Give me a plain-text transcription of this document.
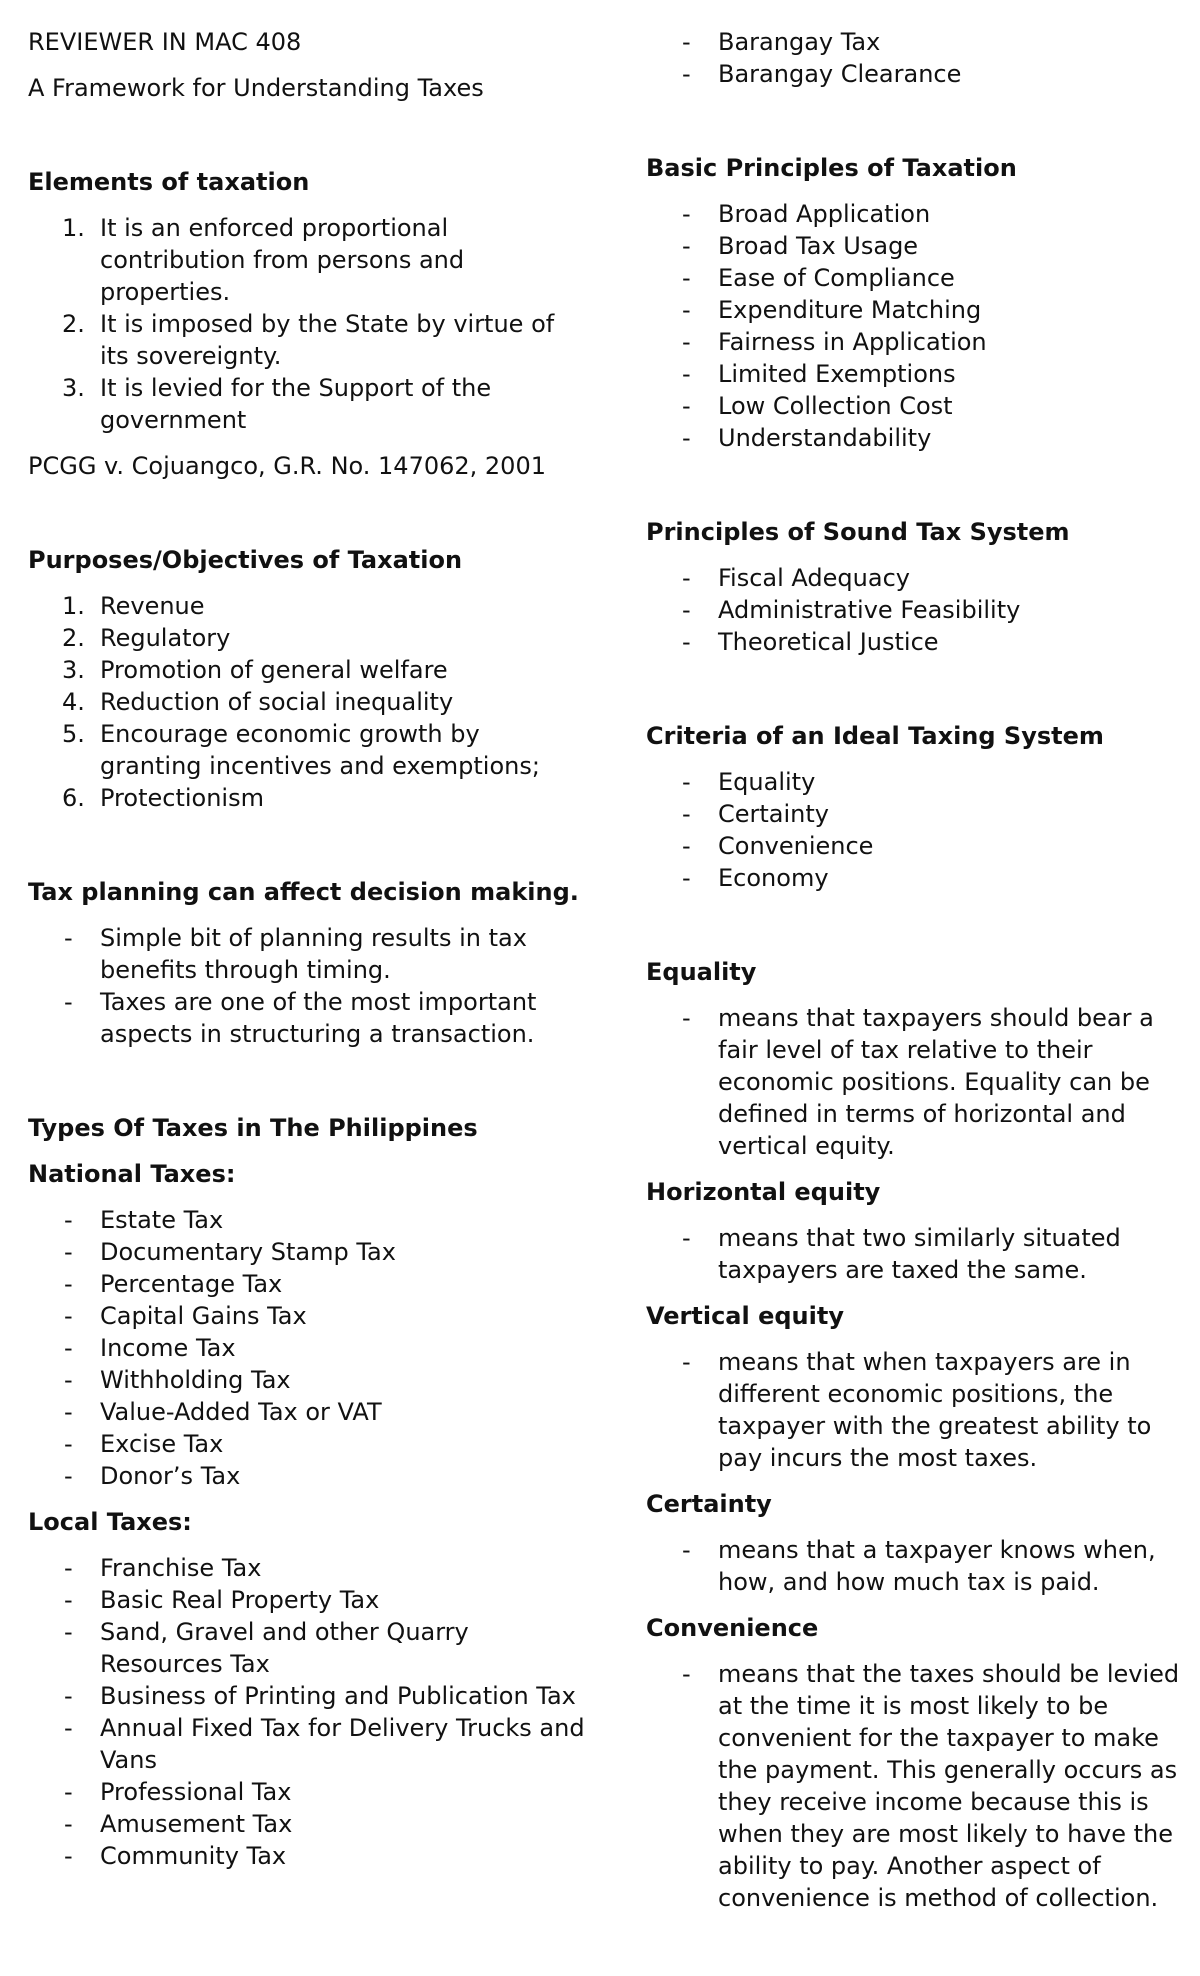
REVIEWER IN MAC 408

A Framework for Understanding Taxes

Elements of taxation
1. It is an enforced proportional contribution from persons and properties.
2. It is imposed by the State by virtue of its sovereignty.
3. It is levied for the Support of the government

PCGG v. Cojuangco, G.R. No. 147062, 2001

Purposes/Objectives of Taxation
1. Revenue
2. Regulatory
3. Promotion of general welfare
4. Reduction of social inequality
5. Encourage economic growth by granting incentives and exemptions;
6. Protectionism
Tax planning can affect decision making.
- Simple bit of planning results in tax benefits through timing.
- Taxes are one of the most important aspects in structuring a transaction.
Types Of Taxes in The Philippines
National Taxes:
- Estate Tax
- Documentary Stamp Tax
- Percentage Tax
- Capital Gains Tax
- Income Tax
- Withholding Tax
- Value-Added Tax or VAT
- Excise Tax
- Donor’s Tax
Local Taxes:
- Franchise Tax
- Basic Real Property Tax
- Sand, Gravel and other Quarry Resources Tax
- Business of Printing and Publication Tax
- Annual Fixed Tax for Delivery Trucks and Vans
- Professional Tax
- Amusement Tax
- Community Tax
- Barangay Tax
- Barangay Clearance
Basic Principles of Taxation
- Broad Application
- Broad Tax Usage
- Ease of Compliance
- Expenditure Matching
- Fairness in Application
- Limited Exemptions
- Low Collection Cost
- Understandability
Principles of Sound Tax System
- Fiscal Adequacy
- Administrative Feasibility
- Theoretical Justice
Criteria of an Ideal Taxing System
- Equality
- Certainty
- Convenience
- Economy
Equality
- means that taxpayers should bear a fair level of tax relative to their economic positions. Equality can be defined in terms of horizontal and vertical equity.
Horizontal equity
- means that two similarly situated taxpayers are taxed the same.
Vertical equity
- means that when taxpayers are in different economic positions, the taxpayer with the greatest ability to pay incurs the most taxes.
Certainty
- means that a taxpayer knows when, how, and how much tax is paid.
Convenience
- means that the taxes should be levied at the time it is most likely to be convenient for the taxpayer to make the payment. This generally occurs as they receive income because this is when they are most likely to have the ability to pay. Another aspect of convenience is method of collection.
